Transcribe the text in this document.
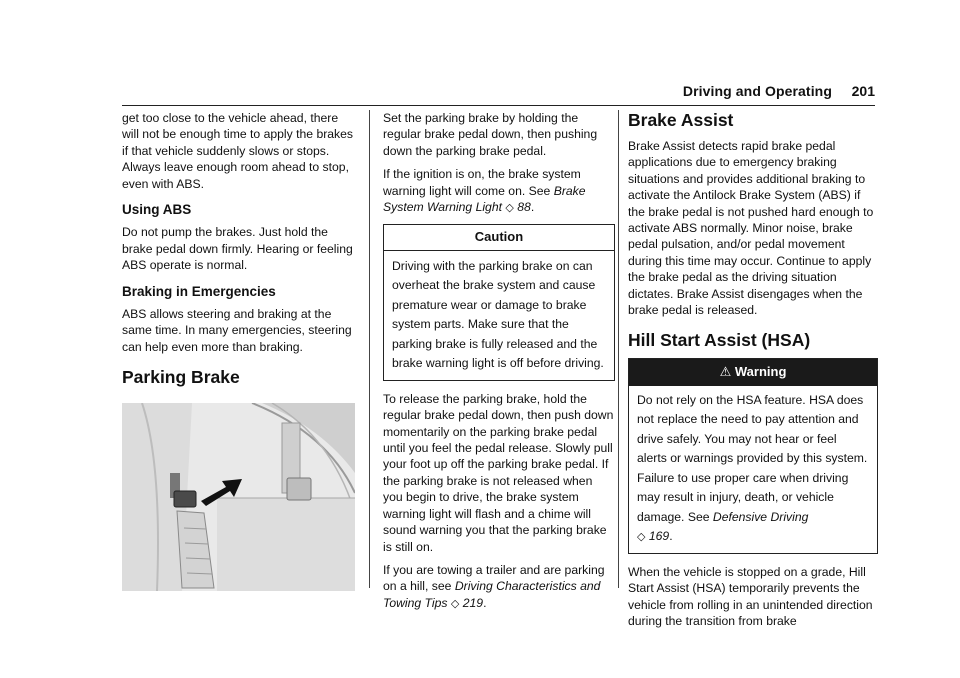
Driving and Operating 201

get too close to the vehicle ahead, there will not be enough time to apply the brakes if that vehicle suddenly slows or stops. Always leave enough room ahead to stop, even with ABS.

Using ABS

Do not pump the brakes. Just hold the brake pedal down firmly. Hearing or feeling ABS operate is normal.

Braking in Emergencies

ABS allows steering and braking at the same time. In many emergencies, steering can help even more than braking.

Parking Brake

Set the parking brake by holding the regular brake pedal down, then pushing down the parking brake pedal.

If the ignition is on, the brake system warning light will come on. See Brake System Warning Light ◇ 88.

Caution
Driving with the parking brake on can overheat the brake system and cause premature wear or damage to brake system parts. Make sure that the parking brake is fully released and the brake warning light is off before driving.

To release the parking brake, hold the regular brake pedal down, then push down momentarily on the parking brake pedal until you feel the pedal release. Slowly pull your foot up off the parking brake pedal. If the parking brake is not released when you begin to drive, the brake system warning light will flash and a chime will sound warning you that the parking brake is still on.

If you are towing a trailer and are parking on a hill, see Driving Characteristics and Towing Tips ◇ 219.

Brake Assist

Brake Assist detects rapid brake pedal applications due to emergency braking situations and provides additional braking to activate the Antilock Brake System (ABS) if the brake pedal is not pushed hard enough to activate ABS normally. Minor noise, brake pedal pulsation, and/or pedal movement during this time may occur. Continue to apply the brake pedal as the driving situation dictates. Brake Assist disengages when the brake pedal is released.

Hill Start Assist (HSA)
⚠ Warning
Do not rely on the HSA feature. HSA does not replace the need to pay attention and drive safely. You may not hear or feel alerts or warnings provided by this system. Failure to use proper care when driving may result in injury, death, or vehicle damage. See Defensive Driving
◇ 169.

When the vehicle is stopped on a grade, Hill Start Assist (HSA) temporarily prevents the vehicle from rolling in an unintended direction during the transition from brake
